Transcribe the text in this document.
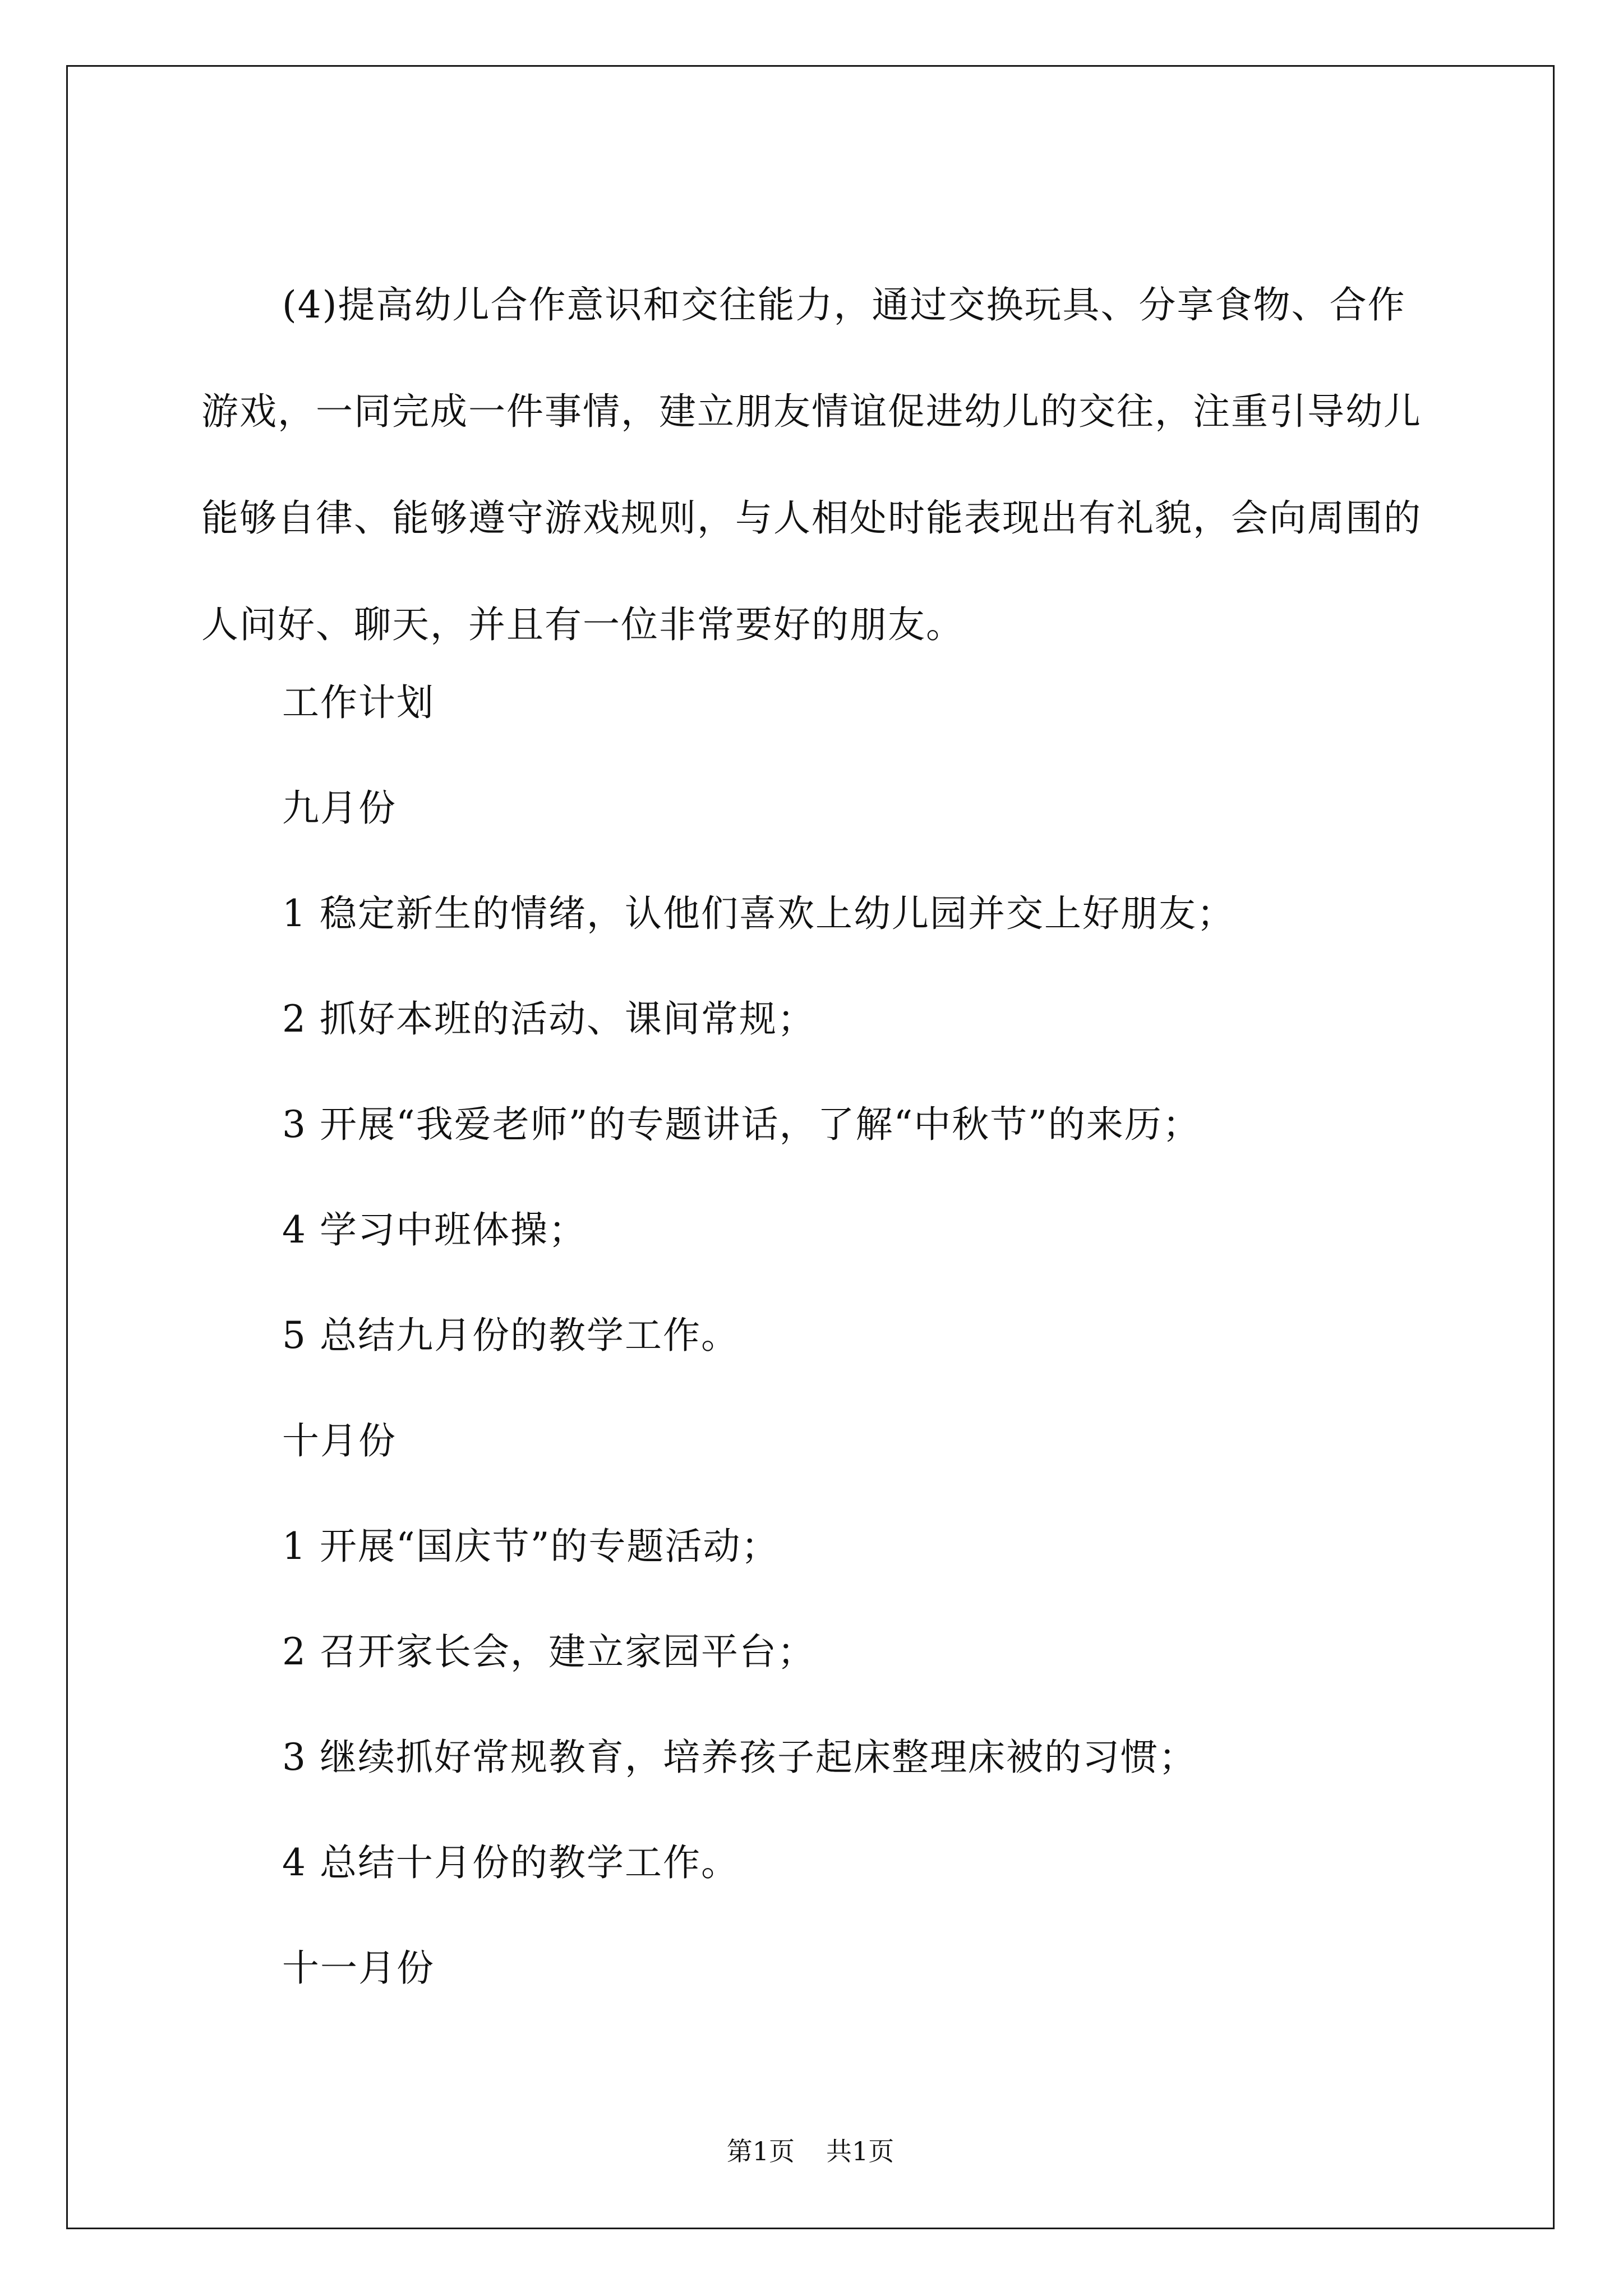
(4)提高幼儿合作意识和交往能力，通过交换玩具、分享食物、合作游戏，一同完成一件事情，建立朋友情谊促进幼儿的交往，注重引导幼儿能够自律、能够遵守游戏规则，与人相处时能表现出有礼貌，会向周围的人问好、聊天，并且有一位非常要好的朋友。
工作计划
九月份
1 稳定新生的情绪，认他们喜欢上幼儿园并交上好朋友；
2 抓好本班的活动、课间常规；
3 开展“我爱老师”的专题讲话，了解“中秋节”的来历；
4 学习中班体操；
5 总结九月份的教学工作。
十月份
1 开展“国庆节”的专题活动；
2 召开家长会，建立家园平台；
3 继续抓好常规教育，培养孩子起床整理床被的习惯；
4 总结十月份的教学工作。
十一月份
第1页 共1页
